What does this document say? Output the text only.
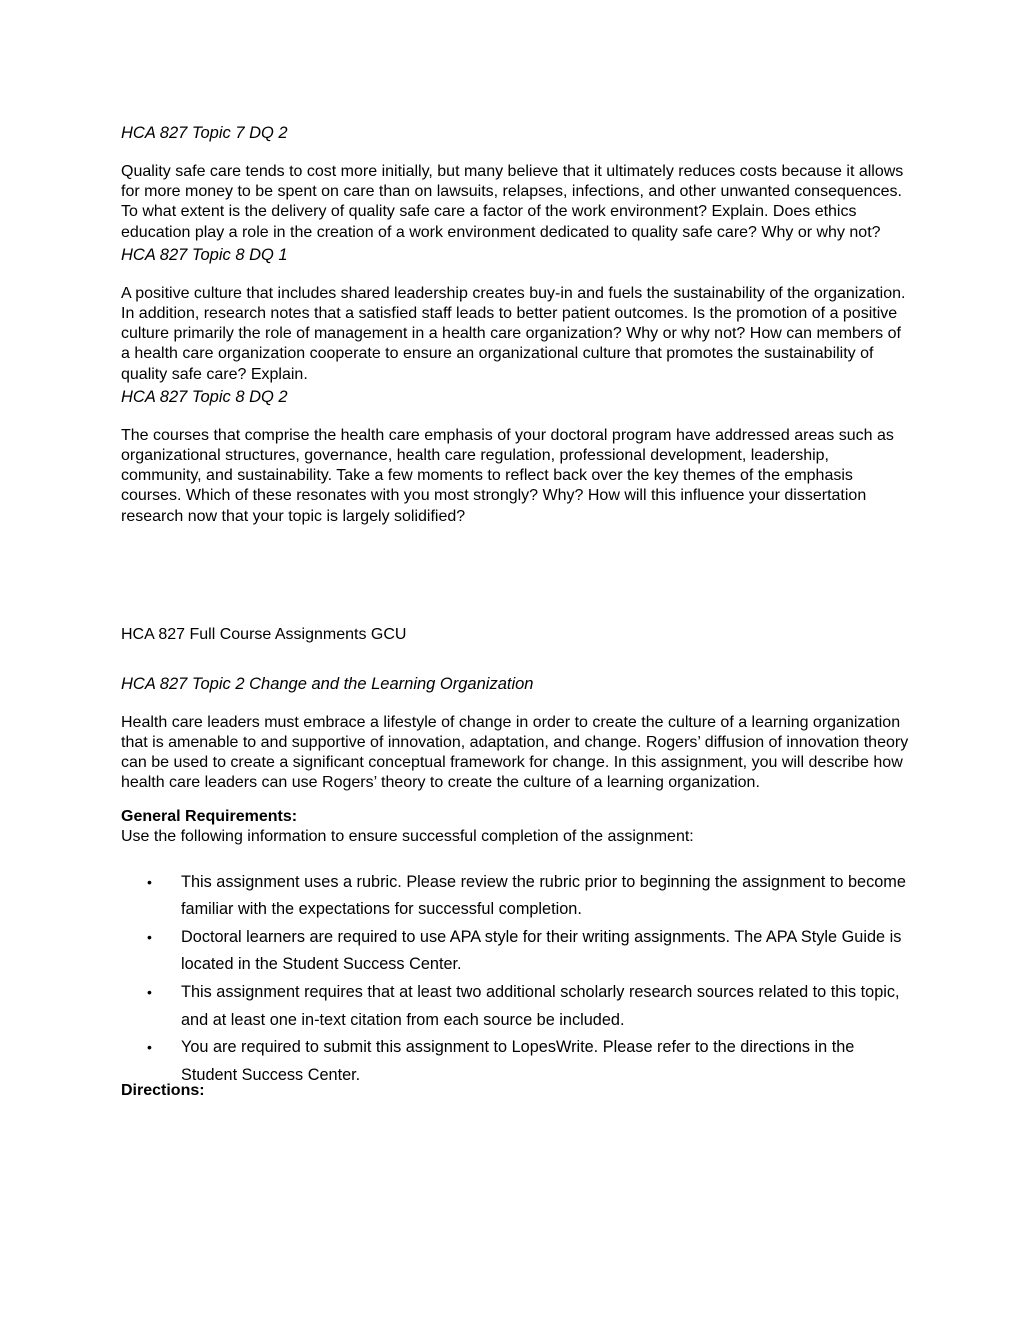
HCA 827 Topic 7 DQ 2

Quality safe care tends to cost more initially, but many believe that it ultimately reduces costs because it allows for more money to be spent on care than on lawsuits, relapses, infections, and other unwanted consequences. To what extent is the delivery of quality safe care a factor of the work environment? Explain. Does ethics education play a role in the creation of a work environment dedicated to quality safe care? Why or why not?

HCA 827 Topic 8 DQ 1

A positive culture that includes shared leadership creates buy-in and fuels the sustainability of the organization. In addition, research notes that a satisfied staff leads to better patient outcomes. Is the promotion of a positive culture primarily the role of management in a health care organization? Why or why not? How can members of a health care organization cooperate to ensure an organizational culture that promotes the sustainability of quality safe care? Explain.

HCA 827 Topic 8 DQ 2

The courses that comprise the health care emphasis of your doctoral program have addressed areas such as organizational structures, governance, health care regulation, professional development, leadership, community, and sustainability. Take a few moments to reflect back over the key themes of the emphasis courses. Which of these resonates with you most strongly? Why? How will this influence your dissertation research now that your topic is largely solidified?

HCA 827 Full Course Assignments GCU

HCA 827 Topic 2 Change and the Learning Organization

Health care leaders must embrace a lifestyle of change in order to create the culture of a learning organization that is amenable to and supportive of innovation, adaptation, and change. Rogers’ diffusion of innovation theory can be used to create a significant conceptual framework for change. In this assignment, you will describe how health care leaders can use Rogers’ theory to create the culture of a learning organization.

General Requirements:

Use the following information to ensure successful completion of the assignment:

• This assignment uses a rubric. Please review the rubric prior to beginning the assignment to become familiar with the expectations for successful completion.
• Doctoral learners are required to use APA style for their writing assignments. The APA Style Guide is located in the Student Success Center.
• This assignment requires that at least two additional scholarly research sources related to this topic, and at least one in-text citation from each source be included.
• You are required to submit this assignment to LopesWrite. Please refer to the directions in the Student Success Center.

Directions:
